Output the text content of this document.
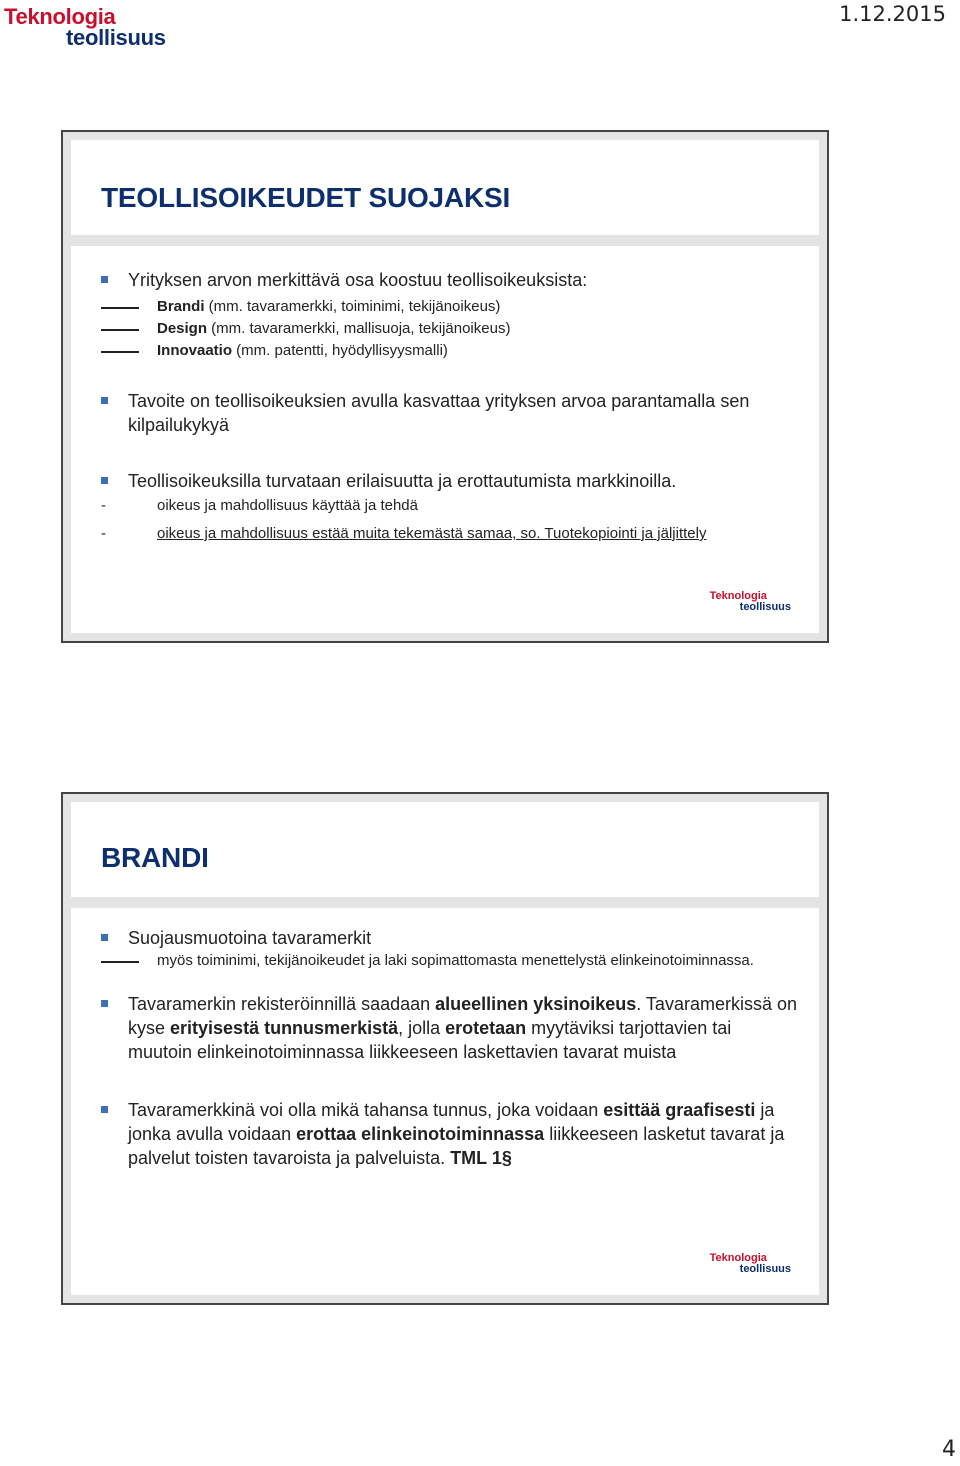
Teknologia
teollisuus
1.12.2015
TEOLLISOIKEUDET SUOJAKSI
Yrityksen arvon merkittävä osa koostuu teollisoikeuksista:
Brandi (mm. tavaramerkki, toiminimi, tekijänoikeus)
Design (mm. tavaramerkki, mallisuoja, tekijänoikeus)
Innovaatio (mm. patentti, hyödyllisyysmalli)
Tavoite on teollisoikeuksien avulla kasvattaa yrityksen arvoa parantamalla sen kilpailukykyä
Teollisoikeuksilla turvataan erilaisuutta ja erottautumista markkinoilla.
-	oikeus ja mahdollisuus käyttää ja tehdä
-	oikeus ja mahdollisuus estää muita tekemästä samaa, so. Tuotekopiointi ja jäljittely
Teknologia
teollisuus
BRANDI
Suojausmuotoina tavaramerkit
myös toiminimi, tekijänoikeudet ja laki sopimattomasta menettelystä elinkeinotoiminnassa.
Tavaramerkin rekisteröinnillä saadaan alueellinen yksinoikeus. Tavaramerkissä on kyse erityisestä tunnusmerkistä, jolla erotetaan myytäviksi tarjottavien tai muutoin elinkeinotoiminnassa liikkeeseen laskettavien tavarat muista
Tavaramerkkinä voi olla mikä tahansa tunnus, joka voidaan esittää graafisesti ja jonka avulla voidaan erottaa elinkeinotoiminnassa liikkeeseen lasketut tavarat ja palvelut toisten tavaroista ja palveluista. TML 1§
Teknologia
teollisuus
4
